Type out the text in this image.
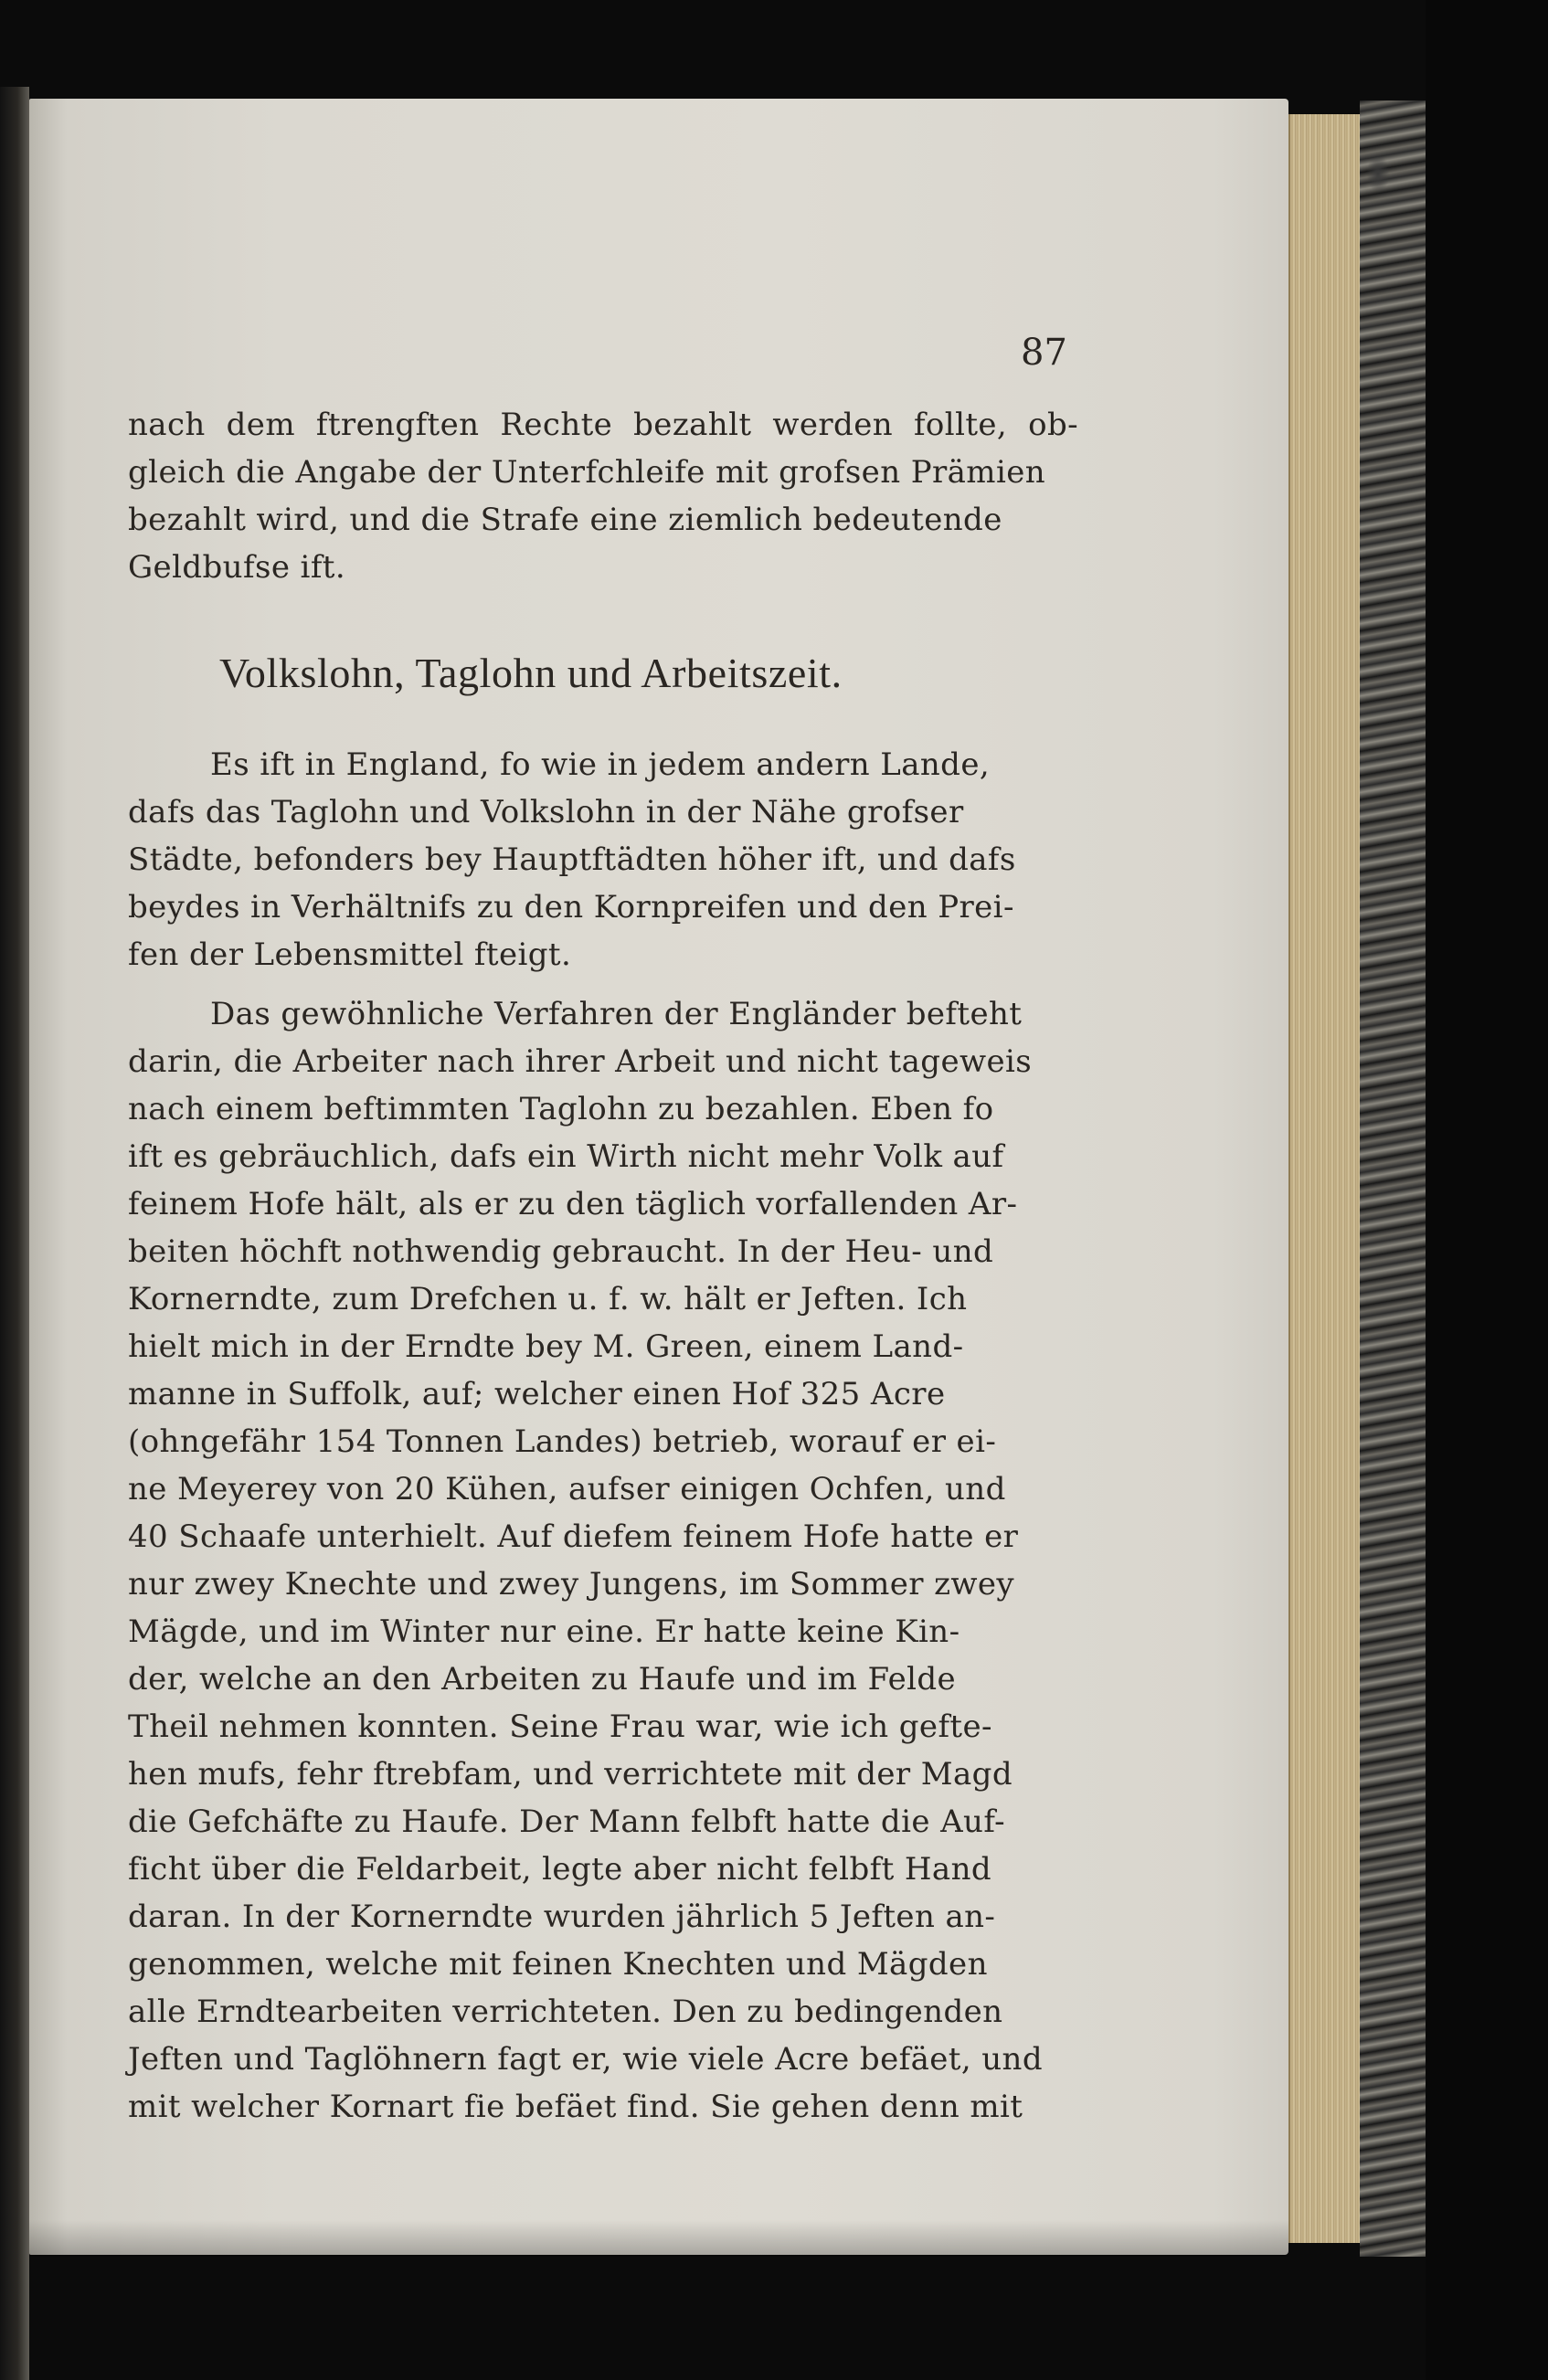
87
nach dem ftrengften Rechte bezahlt werden follte, ob-
gleich die Angabe der Unterfchleife mit grofsen Prämien
bezahlt wird, und die Strafe eine ziemlich bedeutende
Geldbufse ift.
Volkslohn, Taglohn und Arbeitszeit.
Es ift in England, fo wie in jedem andern Lande,
dafs das Taglohn und Volkslohn in der Nähe grofser
Städte, befonders bey Hauptftädten höher ift, und dafs
beydes in Verhältnifs zu den Kornpreifen und den Prei-
fen der Lebensmittel fteigt.
Das gewöhnliche Verfahren der Engländer befteht
darin, die Arbeiter nach ihrer Arbeit und nicht tageweis
nach einem beftimmten Taglohn zu bezahlen. Eben fo
ift es gebräuchlich, dafs ein Wirth nicht mehr Volk auf
feinem Hofe hält, als er zu den täglich vorfallenden Ar-
beiten höchft nothwendig gebraucht. In der Heu- und
Kornerndte, zum Drefchen u. f. w. hält er Jeften. Ich
hielt mich in der Erndte bey M. Green, einem Land-
manne in Suffolk, auf; welcher einen Hof 325 Acre
(ohngefähr 154 Tonnen Landes) betrieb, worauf er ei-
ne Meyerey von 20 Kühen, aufser einigen Ochfen, und
40 Schaafe unterhielt. Auf diefem feinem Hofe hatte er
nur zwey Knechte und zwey Jungens, im Sommer zwey
Mägde, und im Winter nur eine. Er hatte keine Kin-
der, welche an den Arbeiten zu Haufe und im Felde
Theil nehmen konnten. Seine Frau war, wie ich gefte-
hen mufs, fehr ftrebfam, und verrichtete mit der Magd
die Gefchäfte zu Haufe. Der Mann felbft hatte die Auf-
ficht über die Feldarbeit, legte aber nicht felbft Hand
daran. In der Kornerndte wurden jährlich 5 Jeften an-
genommen, welche mit feinen Knechten und Mägden
alle Erndtearbeiten verrichteten. Den zu bedingenden
Jeften und Taglöhnern fagt er, wie viele Acre befäet, und
mit welcher Kornart fie befäet find. Sie gehen denn mit
